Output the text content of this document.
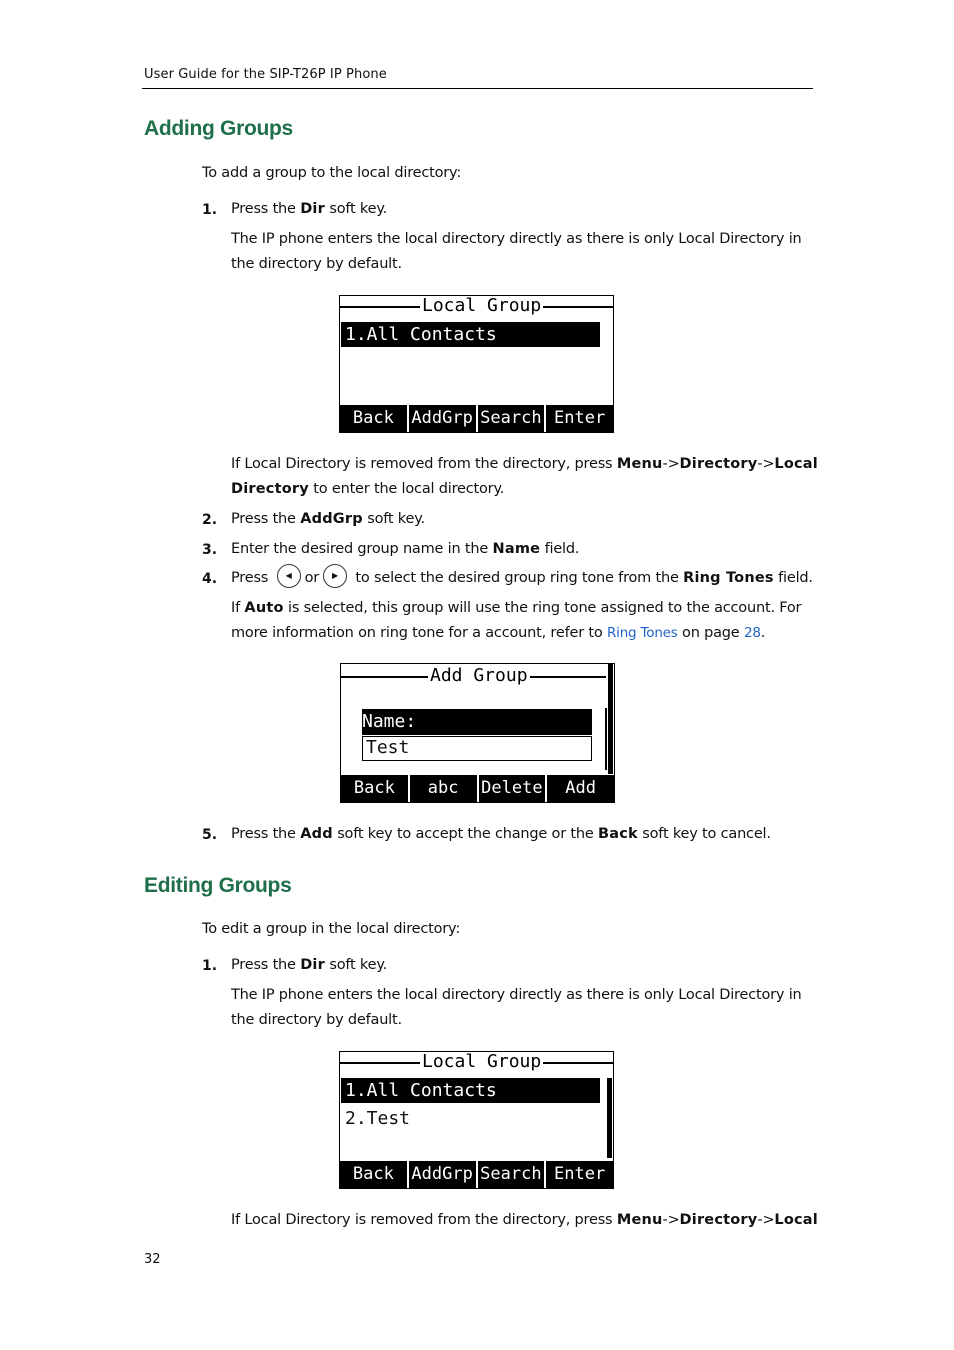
User Guide for the SIP-T26P IP Phone
Adding Groups
To add a group to the local directory:
1. Press the Dir soft key.
The IP phone enters the local directory directly as there is only Local Directory in the directory by default.
Local Group
1.All Contacts
Back	AddGrp Search Enter
If Local Directory is removed from the directory, press Menu->Directory->Local Directory to enter the local directory.
2. Press the AddGrp soft key.
3. Enter the desired group name in the Name field.
4. Press ◀ or ▶ to select the desired group ring tone from the Ring Tones field.
If Auto is selected, this group will use the ring tone assigned to the account. For more information on ring tone for a account, refer to Ring Tones on page 28.
Add Group
Name:
Test
Back	abc	Delete	Add
5. Press the Add soft key to accept the change or the Back soft key to cancel.
Editing Groups
To edit a group in the local directory:
1. Press the Dir soft key.
The IP phone enters the local directory directly as there is only Local Directory in the directory by default.
Local Group
1.All Contacts
2.Test
Back	AddGrp Search Enter
If Local Directory is removed from the directory, press Menu->Directory->Local
32
